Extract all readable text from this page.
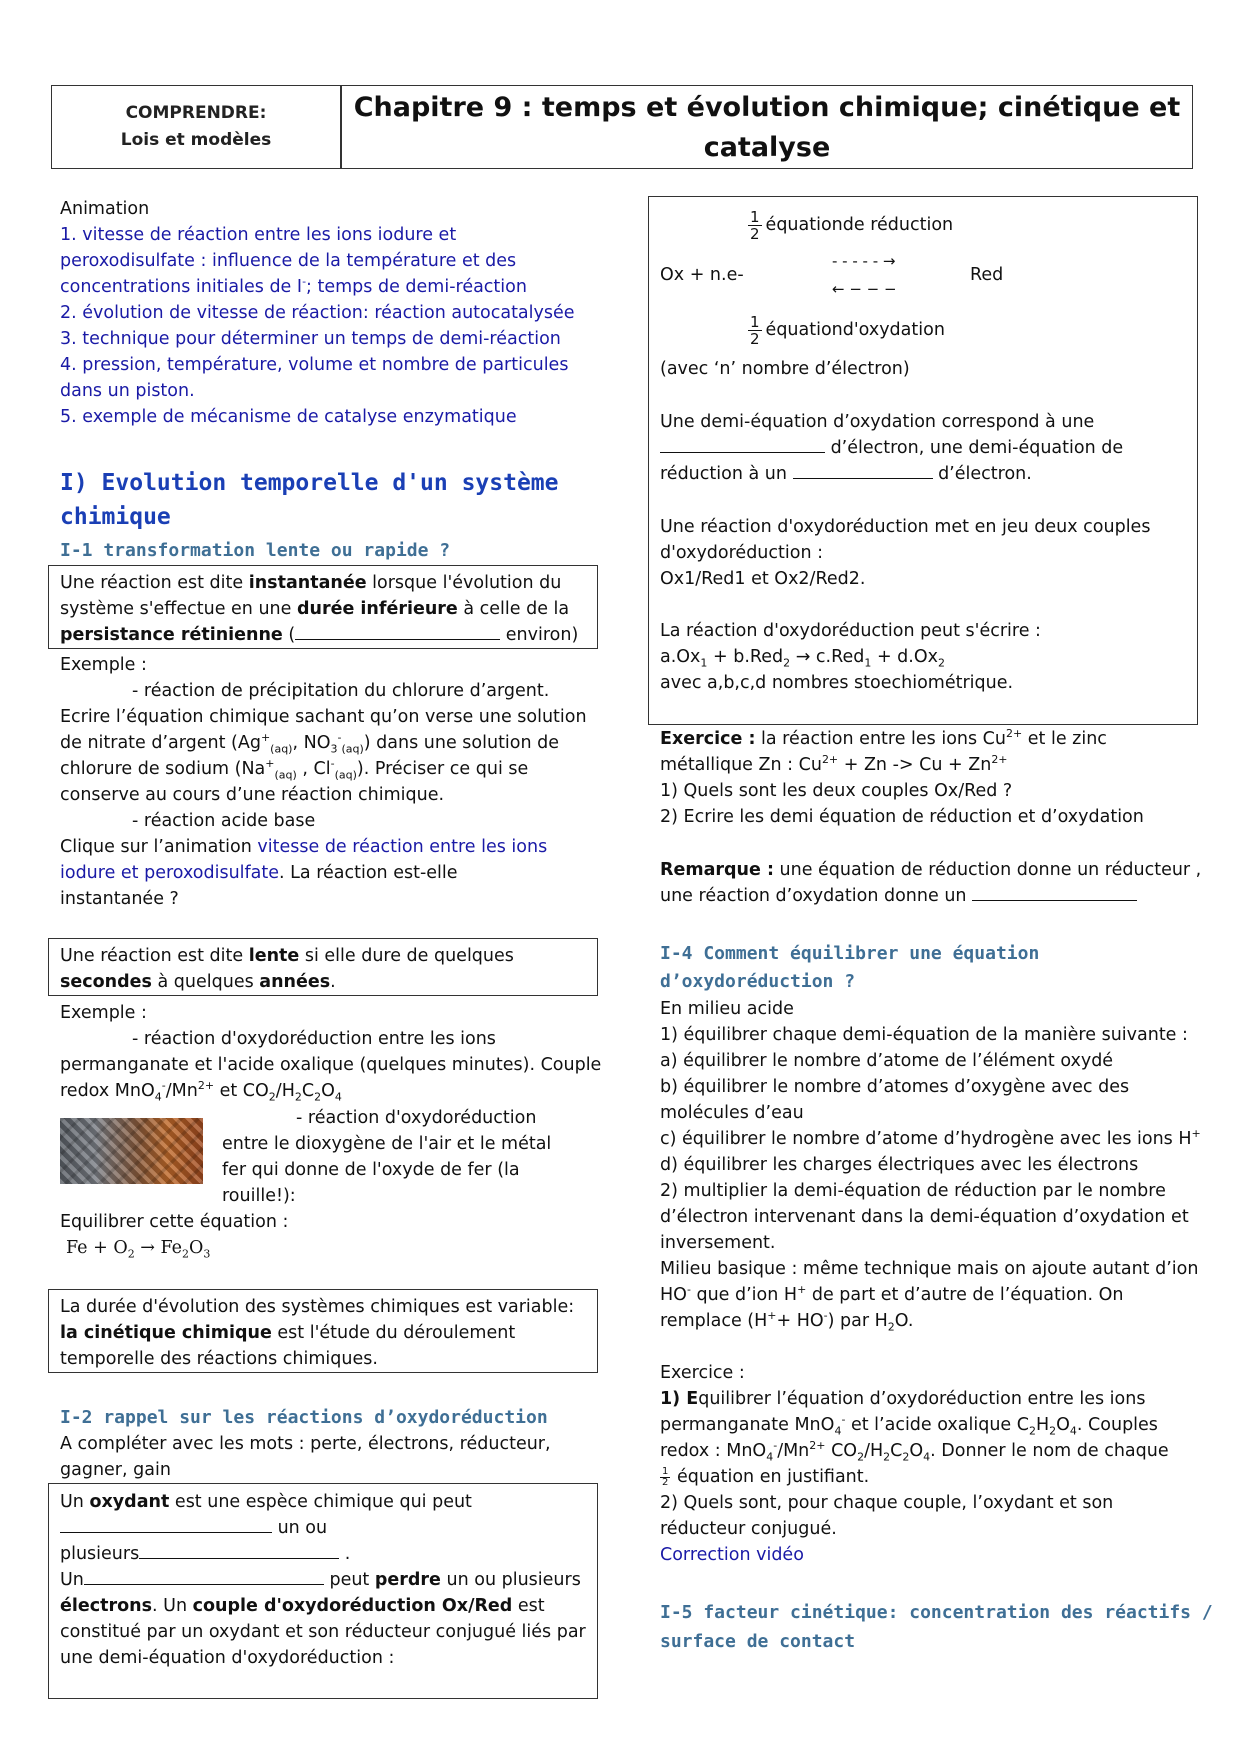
COMPRENDRE:
Lois et modèles
Chapitre 9 : temps et évolution chimique; cinétique et
catalyse
Animation
1. vitesse de réaction entre les ions iodure et
peroxodisulfate : influence de la température et des
concentrations initiales de I-; temps de demi-réaction
2. évolution de vitesse de réaction: réaction autocatalysée
3. technique pour déterminer un temps de demi-réaction
4. pression, température, volume et nombre de particules
dans un piston.
5. exemple de mécanisme de catalyse enzymatique
I) Evolution temporelle d'un système
chimique
I-1 transformation lente ou rapide ?
Une réaction est dite instantanée lorsque l'évolution du
système s'effectue en une durée inférieure à celle de la
persistance rétinienne (	environ)
Exemple :
- réaction de précipitation du chlorure d’argent.
Ecrire l’équation chimique sachant qu’on verse une solution
de nitrate d’argent ($Ag^+_{(aq)}$, $NO_3^-_{(aq)}$) dans une solution de
chlorure de sodium ($Na^+_{(aq)}$ , $Cl^-_{(aq)}$). Préciser ce qui se
conserve au cours d’une réaction chimique.
- réaction acide base
Clique sur l’animation vitesse de réaction entre les ions
iodure et peroxodisulfate. La réaction est-elle
instantanée ?
Une réaction est dite lente si elle dure de quelques
secondes à quelques années.
Exemple :
- réaction d'oxydoréduction entre les ions
permanganate et l'acide oxalique (quelques minutes). Couple
redox $MnO_4^-/Mn^{2+}$ et $CO_2/H_2C_2O_4$
- réaction d'oxydoréduction
entre le dioxygène de l'air et le métal
fer qui donne de l'oxyde de fer (la
rouille!):
Equilibrer cette équation :
$Fe + O_2 \to Fe_2O_3$
La durée d'évolution des systèmes chimiques est variable:
la cinétique chimique est l'étude du déroulement
temporelle des réactions chimiques.
I-2 rappel sur les réactions d’oxydoréduction
A compléter avec les mots : perte, électrons, réducteur,
gagner, gain
Un oxydant est une espèce chimique qui peut
un ou
plusieurs	.
Un	peut perdre un ou plusieurs
électrons. Un couple d'oxydoréduction Ox/Red est
constitué par un oxydant et son réducteur conjugué liés par
une demi-équation d'oxydoréduction :
$\frac{1}{2}$ équationde réduction
- - - - - →
Ox + n.e-	Red
← − − −
$\frac{1}{2}$ équationd'oxydation
(avec ‘n’ nombre d’électron)
Une demi-équation d’oxydation correspond à une
d’électron, une demi-équation de
réduction à un	d’électron.
Une réaction d'oxydoréduction met en jeu deux couples
d'oxydoréduction :
Ox1/Red1 et Ox2/Red2.
La réaction d'oxydoréduction peut s'écrire :
$a.Ox_1 + b.Red_2 \to c.Red_1 + d.Ox_2$
avec a,b,c,d nombres stoechiométrique.
Exercice : la réaction entre les ions $Cu^{2+}$ et le zinc
métallique Zn : $Cu^{2+} + Zn -> Cu + Zn^{2+}$
1) Quels sont les deux couples Ox/Red ?
2) Ecrire les demi équation de réduction et d’oxydation
Remarque : une équation de réduction donne un réducteur ,
une réaction d’oxydation donne un
I-4 Comment équilibrer une équation
d’oxydoréduction ?
En milieu acide
1) équilibrer chaque demi-équation de la manière suivante :
a) équilibrer le nombre d’atome de l’élément oxydé
b) équilibrer le nombre d’atomes d’oxygène avec des
molécules d’eau
c) équilibrer le nombre d’atome d’hydrogène avec les ions H+
d) équilibrer les charges électriques avec les électrons
2) multiplier la demi-équation de réduction par le nombre
d’électron intervenant dans la demi-équation d’oxydation et
inversement.
Milieu basique : même technique mais on ajoute autant d’ion
HO- que d’ion H+ de part et d’autre de l’équation. On
remplace (H++ HO-) par $H_2O$.
Exercice :
1) Equilibrer l’équation d’oxydoréduction entre les ions
permanganate MnO$_4$- et l’acide oxalique $C_2H_2O_4$. Couples
redox : $MnO_4^-/Mn^{2+}$ $CO_2/H_2C_2O_4$. Donner le nom de chaque
$\frac{1}{2}$ équation en justifiant.
2) Quels sont, pour chaque couple, l’oxydant et son
réducteur conjugué.
Correction vidéo
I-5 facteur cinétique: concentration des réactifs /
surface de contact
